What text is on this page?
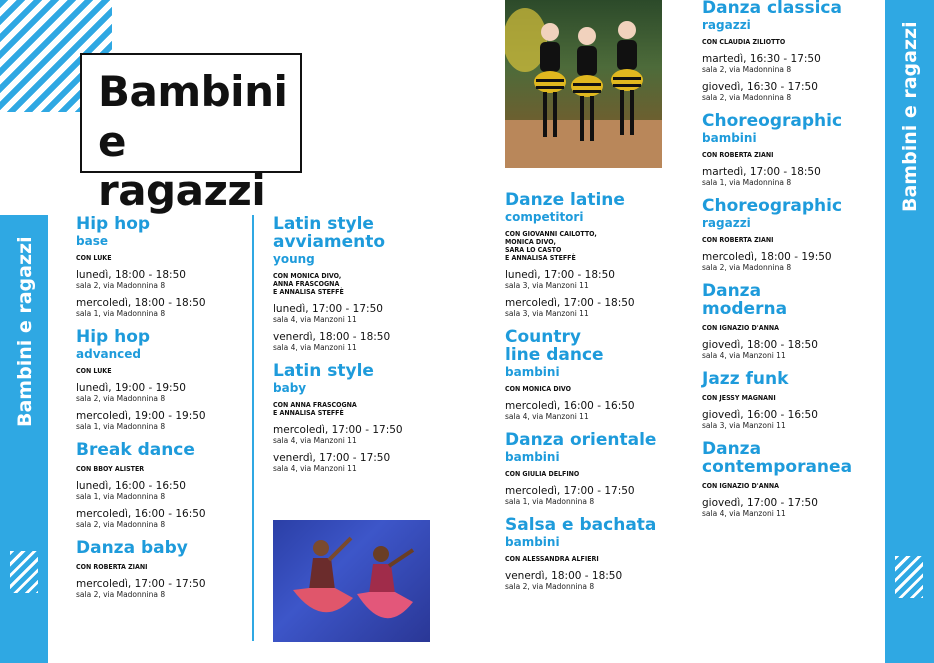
Bambini
e ragazzi
Bambini e ragazzi
Bambini e ragazzi
Hip hop
base
CON LUKE
lunedì, 18:00 - 18:50
sala 2, via Madonnina 8
mercoledì, 18:00 - 18:50
sala 1, via Madonnina 8
Hip hop
advanced
CON LUKE
lunedì, 19:00 - 19:50
sala 2, via Madonnina 8
mercoledì, 19:00 - 19:50
sala 1, via Madonnina 8
Break dance
CON BBOY ALISTER
lunedì, 16:00 - 16:50
sala 1, via Madonnina 8
mercoledì, 16:00 - 16:50
sala 2, via Madonnina 8
Danza baby
CON ROBERTA ZIANI
mercoledì, 17:00 - 17:50
sala 2, via Madonnina 8
Latin style
avviamento
young
CON MONICA DIVO,
ANNA FRASCOGNA
E ANNALISA STEFFÈ
lunedì, 17:00 - 17:50
sala 4, via Manzoni 11
venerdì, 18:00 - 18:50
sala 4, via Manzoni 11
Latin style
baby
CON ANNA FRASCOGNA
E ANNALISA STEFFÈ
mercoledì, 17:00 - 17:50
sala 4, via Manzoni 11
venerdì, 17:00 - 17:50
sala 4, via Manzoni 11
Danze latine
competitori
CON GIOVANNI CAILOTTO,
MONICA DIVO,
SARA LO CASTO
E ANNALISA STEFFÈ
lunedì, 17:00 - 18:50
sala 3, via Manzoni 11
mercoledì, 17:00 - 18:50
sala 3, via Manzoni 11
Country
line dance
bambini
CON MONICA DIVO
mercoledì, 16:00 - 16:50
sala 4, via Manzoni 11
Danza orientale
bambini
CON GIULIA DELFINO
mercoledì, 17:00 - 17:50
sala 1, via Madonnina 8
Salsa e bachata
bambini
CON ALESSANDRA ALFIERI
venerdì, 18:00 - 18:50
sala 2, via Madonnina 8
Danza classica
ragazzi
CON CLAUDIA ZILIOTTO
martedì, 16:30 - 17:50
sala 2, via Madonnina 8
giovedì, 16:30 - 17:50
sala 2, via Madonnina 8
Choreographic
bambini
CON ROBERTA ZIANI
martedì, 17:00 - 18:50
sala 1, via Madonnina 8
Choreographic
ragazzi
CON ROBERTA ZIANI
mercoledì, 18:00 - 19:50
sala 2, via Madonnina 8
Danza
moderna
CON IGNAZIO D'ANNA
giovedì, 18:00 - 18:50
sala 4, via Manzoni 11
Jazz funk
CON JESSY MAGNANI
giovedì, 16:00 - 16:50
sala 3, via Manzoni 11
Danza
contemporanea
CON IGNAZIO D'ANNA
giovedì, 17:00 - 17:50
sala 4, via Manzoni 11
